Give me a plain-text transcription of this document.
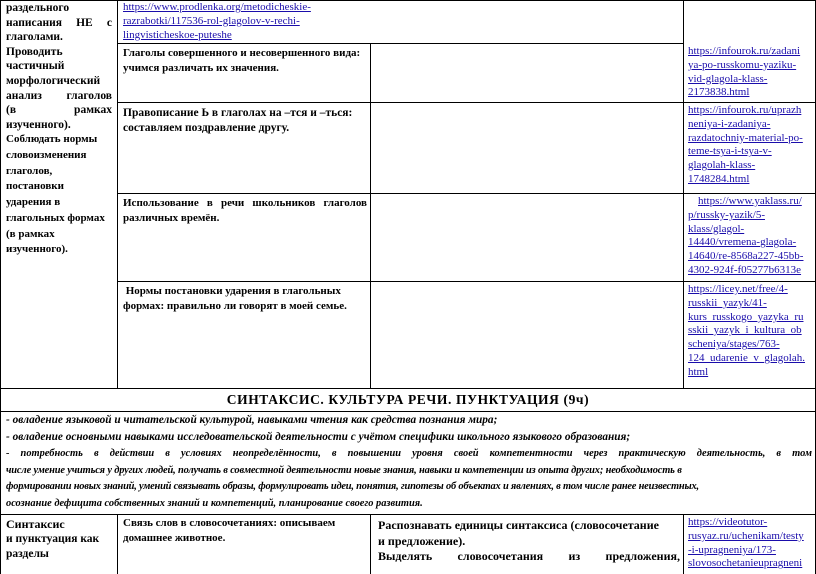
раздельного
написания НЕ с
глаголами.
Проводить
частичный
морфологический
анализ глаголов
(в рамках
изученного).
Соблюдать нормы
словоизменения
глаголов,
постановки
ударения в
глагольных формах
(в рамках
изученного).
https://www.prodlenka.org/metodicheskie-
razrabotki/117536-rol-glagolov-v-rechi-
lingvisticheskoe-puteshe
Глаголы совершенного и несовершенного вида:
учимся различать их значения.
https://infourok.ru/zadani
ya-po-russkomu-yaziku-
vid-glagola-klass-
2173838.html
Правописание Ь в глаголах на –тся и –ться:
составляем поздравление другу.
https://infourok.ru/uprazh
neniya-i-zadaniya-
razdatochniy-material-po-
teme-tsya-i-tsya-v-
glagolah-klass-
1748284.html
Использование в речи школьников глаголов
различных времён.
https://www.yaklass.ru/
p/russky-yazik/5-
klass/glagol-
14440/vremena-glagola-
14640/re-8568a227-45bb-
4302-924f-f05277b6313e
Нормы постановки ударения в глагольных
формах: правильно ли говорят в моей семье.
https://licey.net/free/4-
russkii_yazyk/41-
kurs_russkogo_yazyka_ru
sskii_yazyk_i_kultura_ob
scheniya/stages/763-
124_udarenie_v_glagolah.
html
СИНТАКСИС. КУЛЬТУРА РЕЧИ. ПУНКТУАЦИЯ (9ч)
- овладение языковой и читательской культурой, навыками чтения как средства познания мира;
- овладение основными навыками исследовательской деятельности с учётом специфики школьного языкового образования;
- потребность в действии в условиях неопределённости, в повышении уровня своей компетентности через практическую деятельность, в том
числе умение учиться у других людей, получать в совместной деятельности новые знания, навыки и компетенции из опыта других; необходимость в
формировании новых знаний, умений связывать образы, формулировать идеи, понятия, гипотезы об объектах и явлениях, в том числе ранее неизвестных,
осознание дефицита собственных знаний и компетенций, планирование своего развития.
Синтаксис
и пунктуация как
разделы
Связь слов в словосочетаниях: описываем
домашнее животное.
Распознавать единицы синтаксиса (словосочетание
и предложение).
Выделять словосочетания из предложения,
https://videotutor-
rusyaz.ru/uchenikam/testy
-i-upragneniya/173-
slovosochetanieupragneni
